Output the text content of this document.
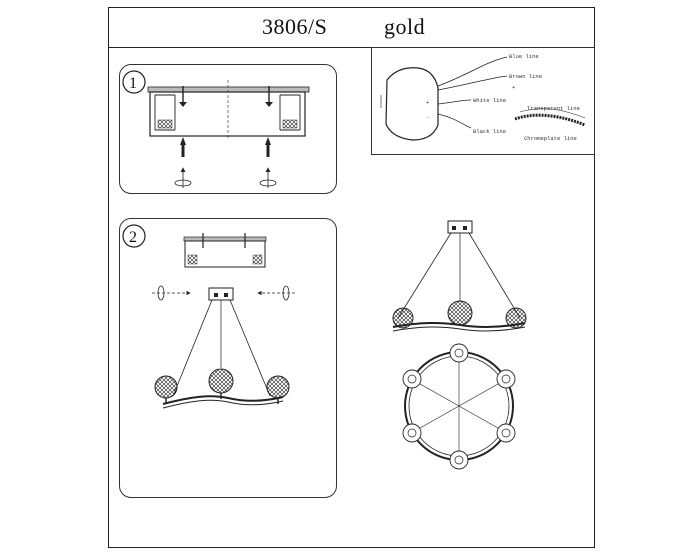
3806/S	gold
1
+
-
+
Blue line
Brown line
White line
Transparent line
Black line
Chromeplate line
2
